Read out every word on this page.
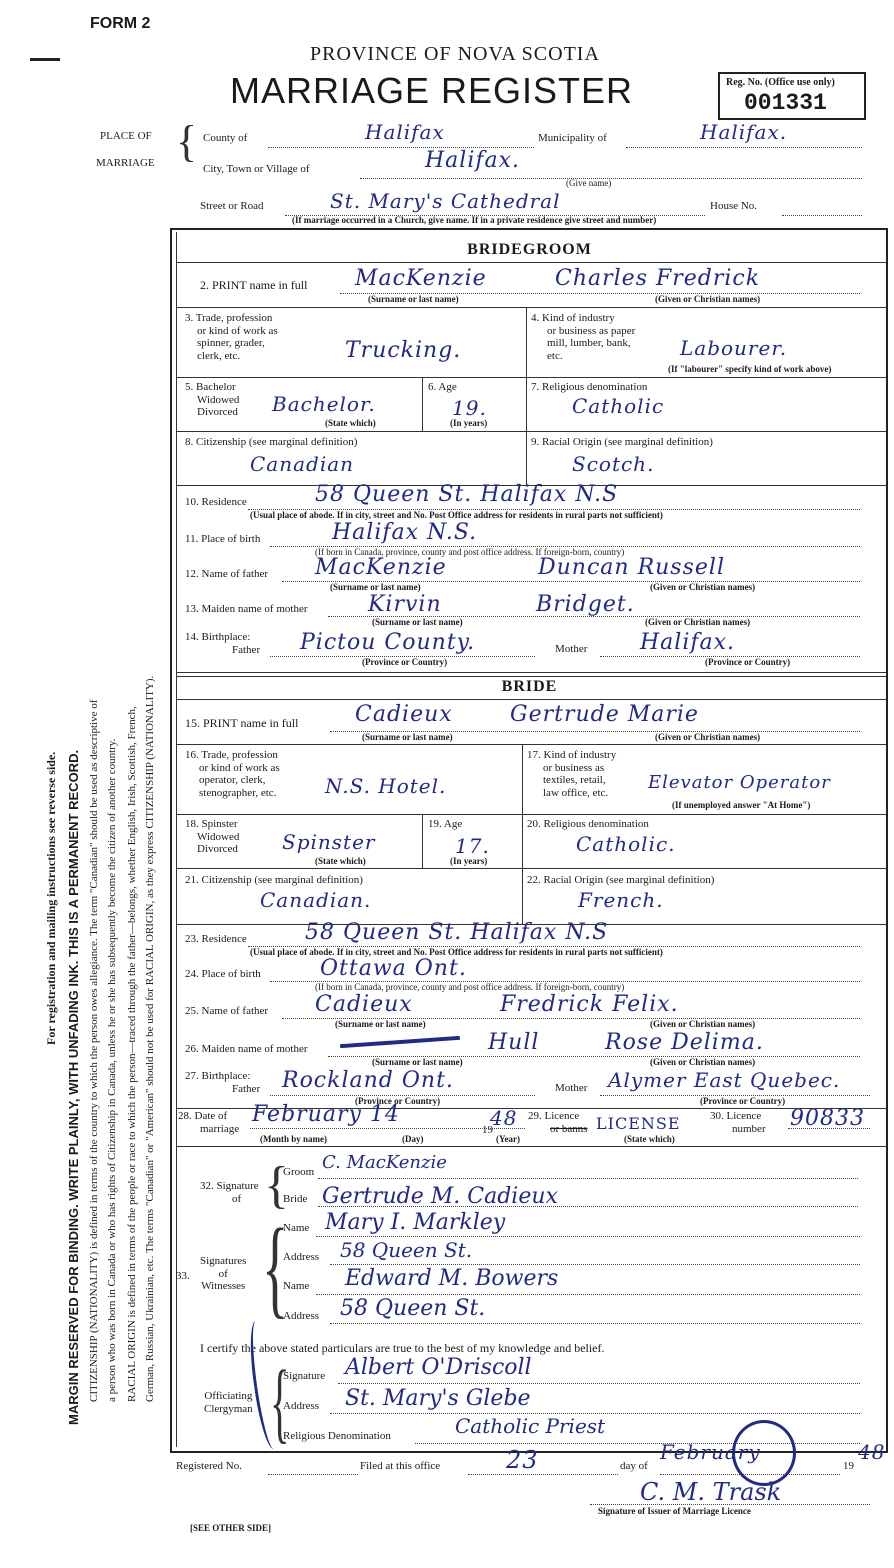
FORM 2
PROVINCE OF NOVA SCOTIA
MARRIAGE REGISTER	Reg. No. (Office use only)
001331
PLACE OF
MARRIAGE { County of	Halifax	Municipality of	Halifax.
City, Town or Village of	Halifax.
(Give name)
Street or Road	St. Mary's Cathedral	House No.
(If marriage occurred in a Church, give name. If in a private residence give street and number)
For registration and mailing instructions see reverse side. MARGIN RESERVED FOR BINDING. WRITE PLAINLY, WITH UNFADING INK. THIS IS A PERMANENT RECORD. CITIZENSHIP (NATIONALITY) is defined in terms of the country to which the person owes allegiance. The term "Canadian" should be used as descriptive of a person who was born in Canada or who has rights of Citizenship in Canada, unless he or she has subsequently become the citizen of another country. RACIAL ORIGIN is defined in terms of the people or race to which the person—traced through the father—belongs, whether English, Irish, Scottish, French, German, Russian, Ukrainian, etc. The terms "Canadian" or "American" should not be used for RACIAL ORIGIN, as they express CITIZENSHIP (NATIONALITY).
BRIDEGROOM
2. PRINT name in full MacKenzie	Charles Fredrick
(Surname or last name)	(Given or Christian names)
3. Trade, profession
or kind of work as
spinner, grader,
clerk, etc.	Trucking.
4. Kind of industry
or business as paper
mill, lumber, bank,
etc.	Labourer.
(If "labourer" specify kind of work above)
5. Bachelor
Widowed
Divorced Bachelor.
(State which)
6. Age
19.
(In years)
7. Religious denomination
Catholic
8. Citizenship (see marginal definition)
Canadian
9. Racial Origin (see marginal definition)
Scotch.
10. Residence	58 Queen St. Halifax N.S
(Usual place of abode. If in city, street and No. Post Office address for residents in rural parts not sufficient)
11. Place of birth	Halifax N.S.
(If born in Canada, province, county and post office address. If foreign-born, country)
12. Name of father MacKenzie	Duncan Russell
(Surname or last name)	(Given or Christian names)
13. Maiden name of mother	Kirvin	Bridget.
(Surname or last name)	(Given or Christian names)
14. Birthplace:
Father Pictou County.	Mother Halifax.
(Province or Country)	(Province or Country)
BRIDE
15. PRINT name in full	Cadieux	Gertrude Marie
(Surname or last name)	(Given or Christian names)
16. Trade, profession
or kind of work as
operator, clerk,
stenographer, etc. N.S. Hotel.
17. Kind of industry
or business as
textiles, retail,
law office, etc.	Elevator Operator
(If unemployed answer "At Home")
18. Spinster
Widowed
Divorced Spinster
(State which)
19. Age
17.
(In years)
20. Religious denomination
Catholic.
21. Citizenship (see marginal definition)
Canadian.
22. Racial Origin (see marginal definition)
French.
23. Residence	58 Queen St. Halifax N.S
(Usual place of abode. If in city, street and No. Post Office address for residents in rural parts not sufficient)
24. Place of birth	Ottawa Ont.
(If born in Canada, province, county and post office address. If foreign-born, country)
25. Name of father Cadieux	Fredrick Felix.
(Surname or last name)	(Given or Christian names)
26. Maiden name of mother	Hull	Rose Delima.
(Surname or last name)	(Given or Christian names)
27. Birthplace:
Father Rockland Ont.	Mother Alymer East Quebec.
(Province or Country)	(Province or Country)
28. Date of
marriage
February 14
19
48
(Month by name)	(Day)	(Year)
29. Licence
or banns LICENSE
(State which)
30. Licence
number 90833
32. Signature
of {
Groom C. MacKenzie
Bride Gertrude M. Cadieux
Signatures
of
Witnesses
33. {
Name Mary I. Markley
Address 58 Queen St.
Name Edward M. Bowers
Address 58 Queen St.
I certify the above stated particulars are true to the best of my knowledge and belief.
Officiating
Clergyman {
Signature Albert O'Driscoll
Address St. Mary's Glebe
Religious Denomination	Catholic Priest
Registered No.	Filed at this office	23	day of
February
19
48
C. M. Trask
Signature of Issuer of Marriage Licence
[SEE OTHER SIDE]
